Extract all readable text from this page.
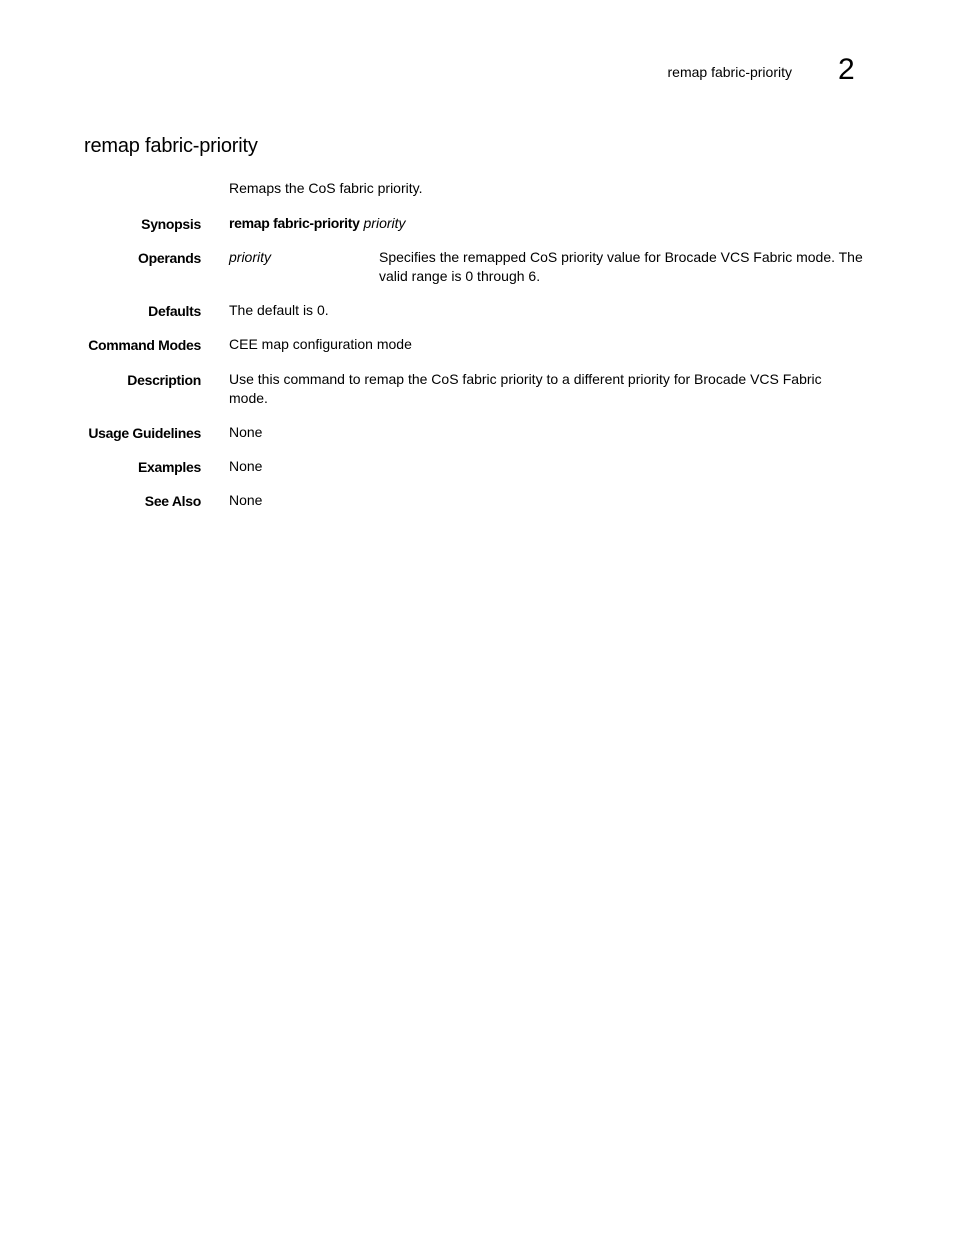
remap fabric-priority 2
remap fabric-priority

Remaps the CoS fabric priority.

Synopsis remap fabric-priority priority
Operands priority	Specifies the remapped CoS priority value for Brocade VCS Fabric mode. The valid range is 0 through 6.
Defaults The default is 0.
Command Modes CEE map configuration mode
Description Use this command to remap the CoS fabric priority to a different priority for Brocade VCS Fabric mode.
Usage Guidelines None
Examples None
See Also None
